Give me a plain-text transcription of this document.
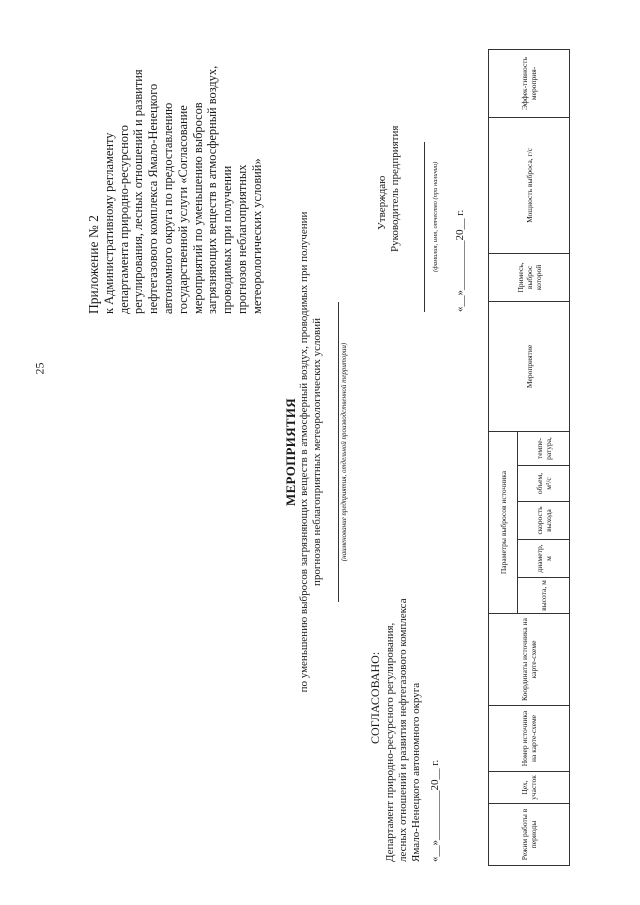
25
Приложение № 2 к Административному регламенту департамента природно-ресурсного регулирования, лесных отношений и развития нефтегазового комплекса Ямало-Ненецкого автономного округа по предоставлению государственной услуги «Согласование мероприятий по уменьшению выбросов загрязняющих веществ в атмосферный воздух, проводимых при получении прогнозов неблагоприятных метеорологических условий»
МЕРОПРИЯТИЯ по уменьшению выбросов загрязняющих веществ в атмосферный воздух, проводимых при получении прогнозов неблагоприятных метеорологических условий (наименование предприятия, отдельной производственной территории)
СОГЛАСОВАНО: Департамент природно-ресурсного регулирования, лесных отношений и развития нефтегазового комплекса Ямало-Ненецкого автономного округа «__»_________20__ г.
Утверждаю Руководитель предприятия	(фамилия, имя, отчество (при наличии) «__»_________20__ г.
Режим работы в периоды	Цех, участок	Номер источника на карте-схеме	Координаты источника на карте-схеме	Параметры выбросов источника					Мероприятие	Примесь, выброс которой	Мощность выброса, г/с	Эффек-тивность мероприя-
				высота, м	диаметр, м	скорость выхода	объем, м³/с	темпе-ратура,				
